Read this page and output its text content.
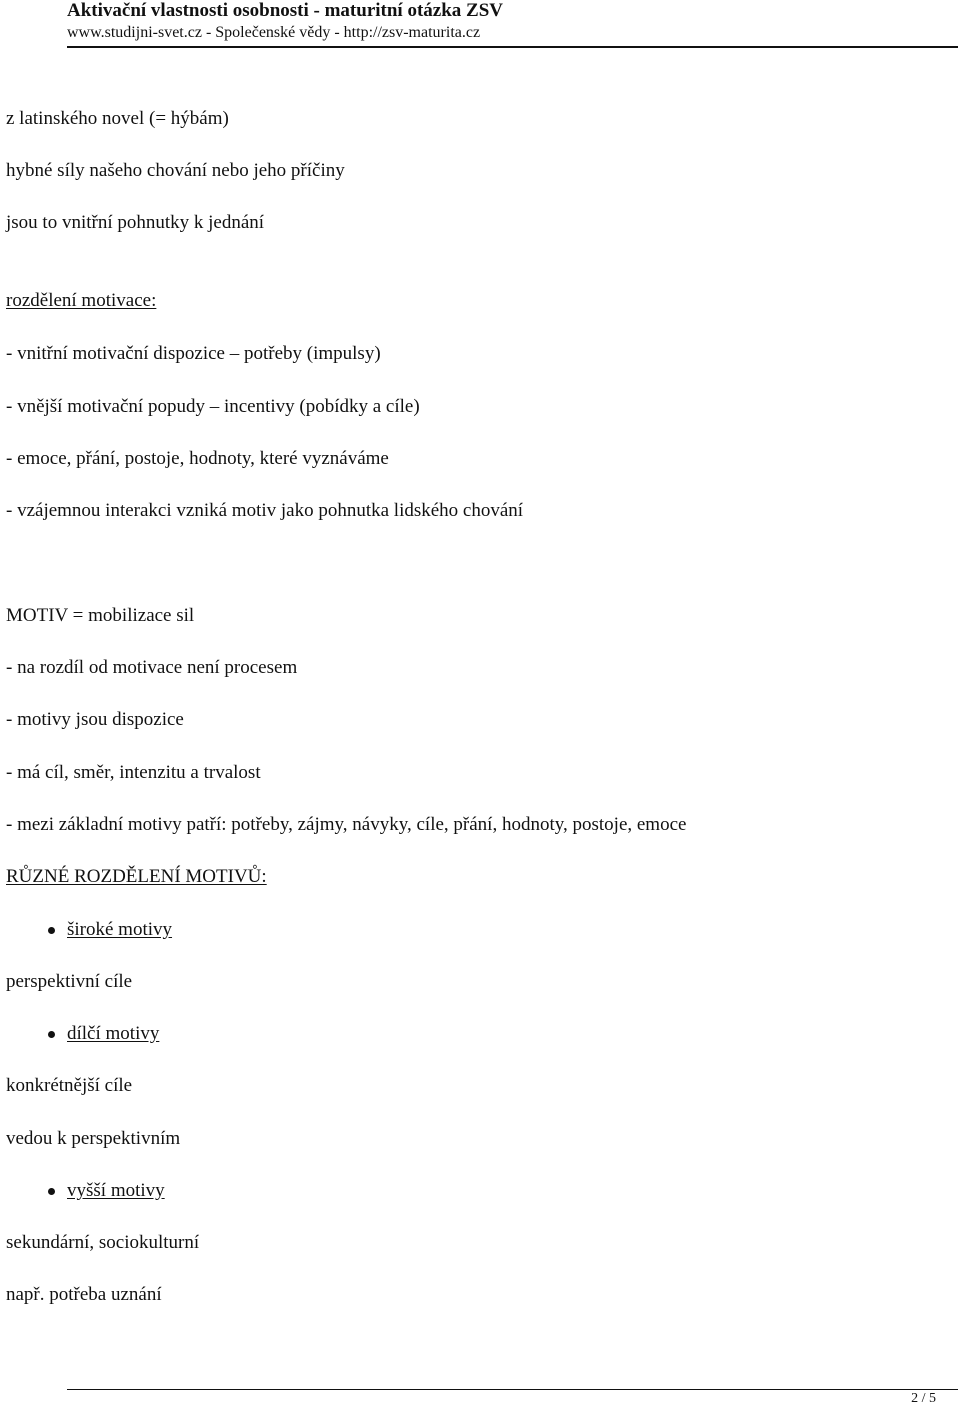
Aktivační vlastnosti osobnosti - maturitní otázka ZSV
www.studijni-svet.cz - Společenské vědy - http://zsv-maturita.cz
z latinského novel (= hýbám)
hybné síly našeho chování nebo jeho příčiny
jsou to vnitřní pohnutky k jednání
rozdělení motivace:
- vnitřní motivační dispozice – potřeby (impulsy)
- vnější motivační popudy – incentivy (pobídky a cíle)
- emoce, přání, postoje, hodnoty, které vyznáváme
- vzájemnou interakci vzniká motiv jako pohnutka lidského chování
MOTIV = mobilizace sil
- na rozdíl od motivace není procesem
- motivy jsou dispozice
- má cíl, směr, intenzitu a trvalost
- mezi základní motivy patří: potřeby, zájmy, návyky, cíle, přání, hodnoty, postoje, emoce
RŮZNÉ ROZDĚLENÍ MOTIVŮ:
široké motivy
perspektivní cíle
dílčí motivy
konkrétnější cíle
vedou k perspektivním
vyšší motivy
sekundární, sociokulturní
např. potřeba uznání
2 / 5
